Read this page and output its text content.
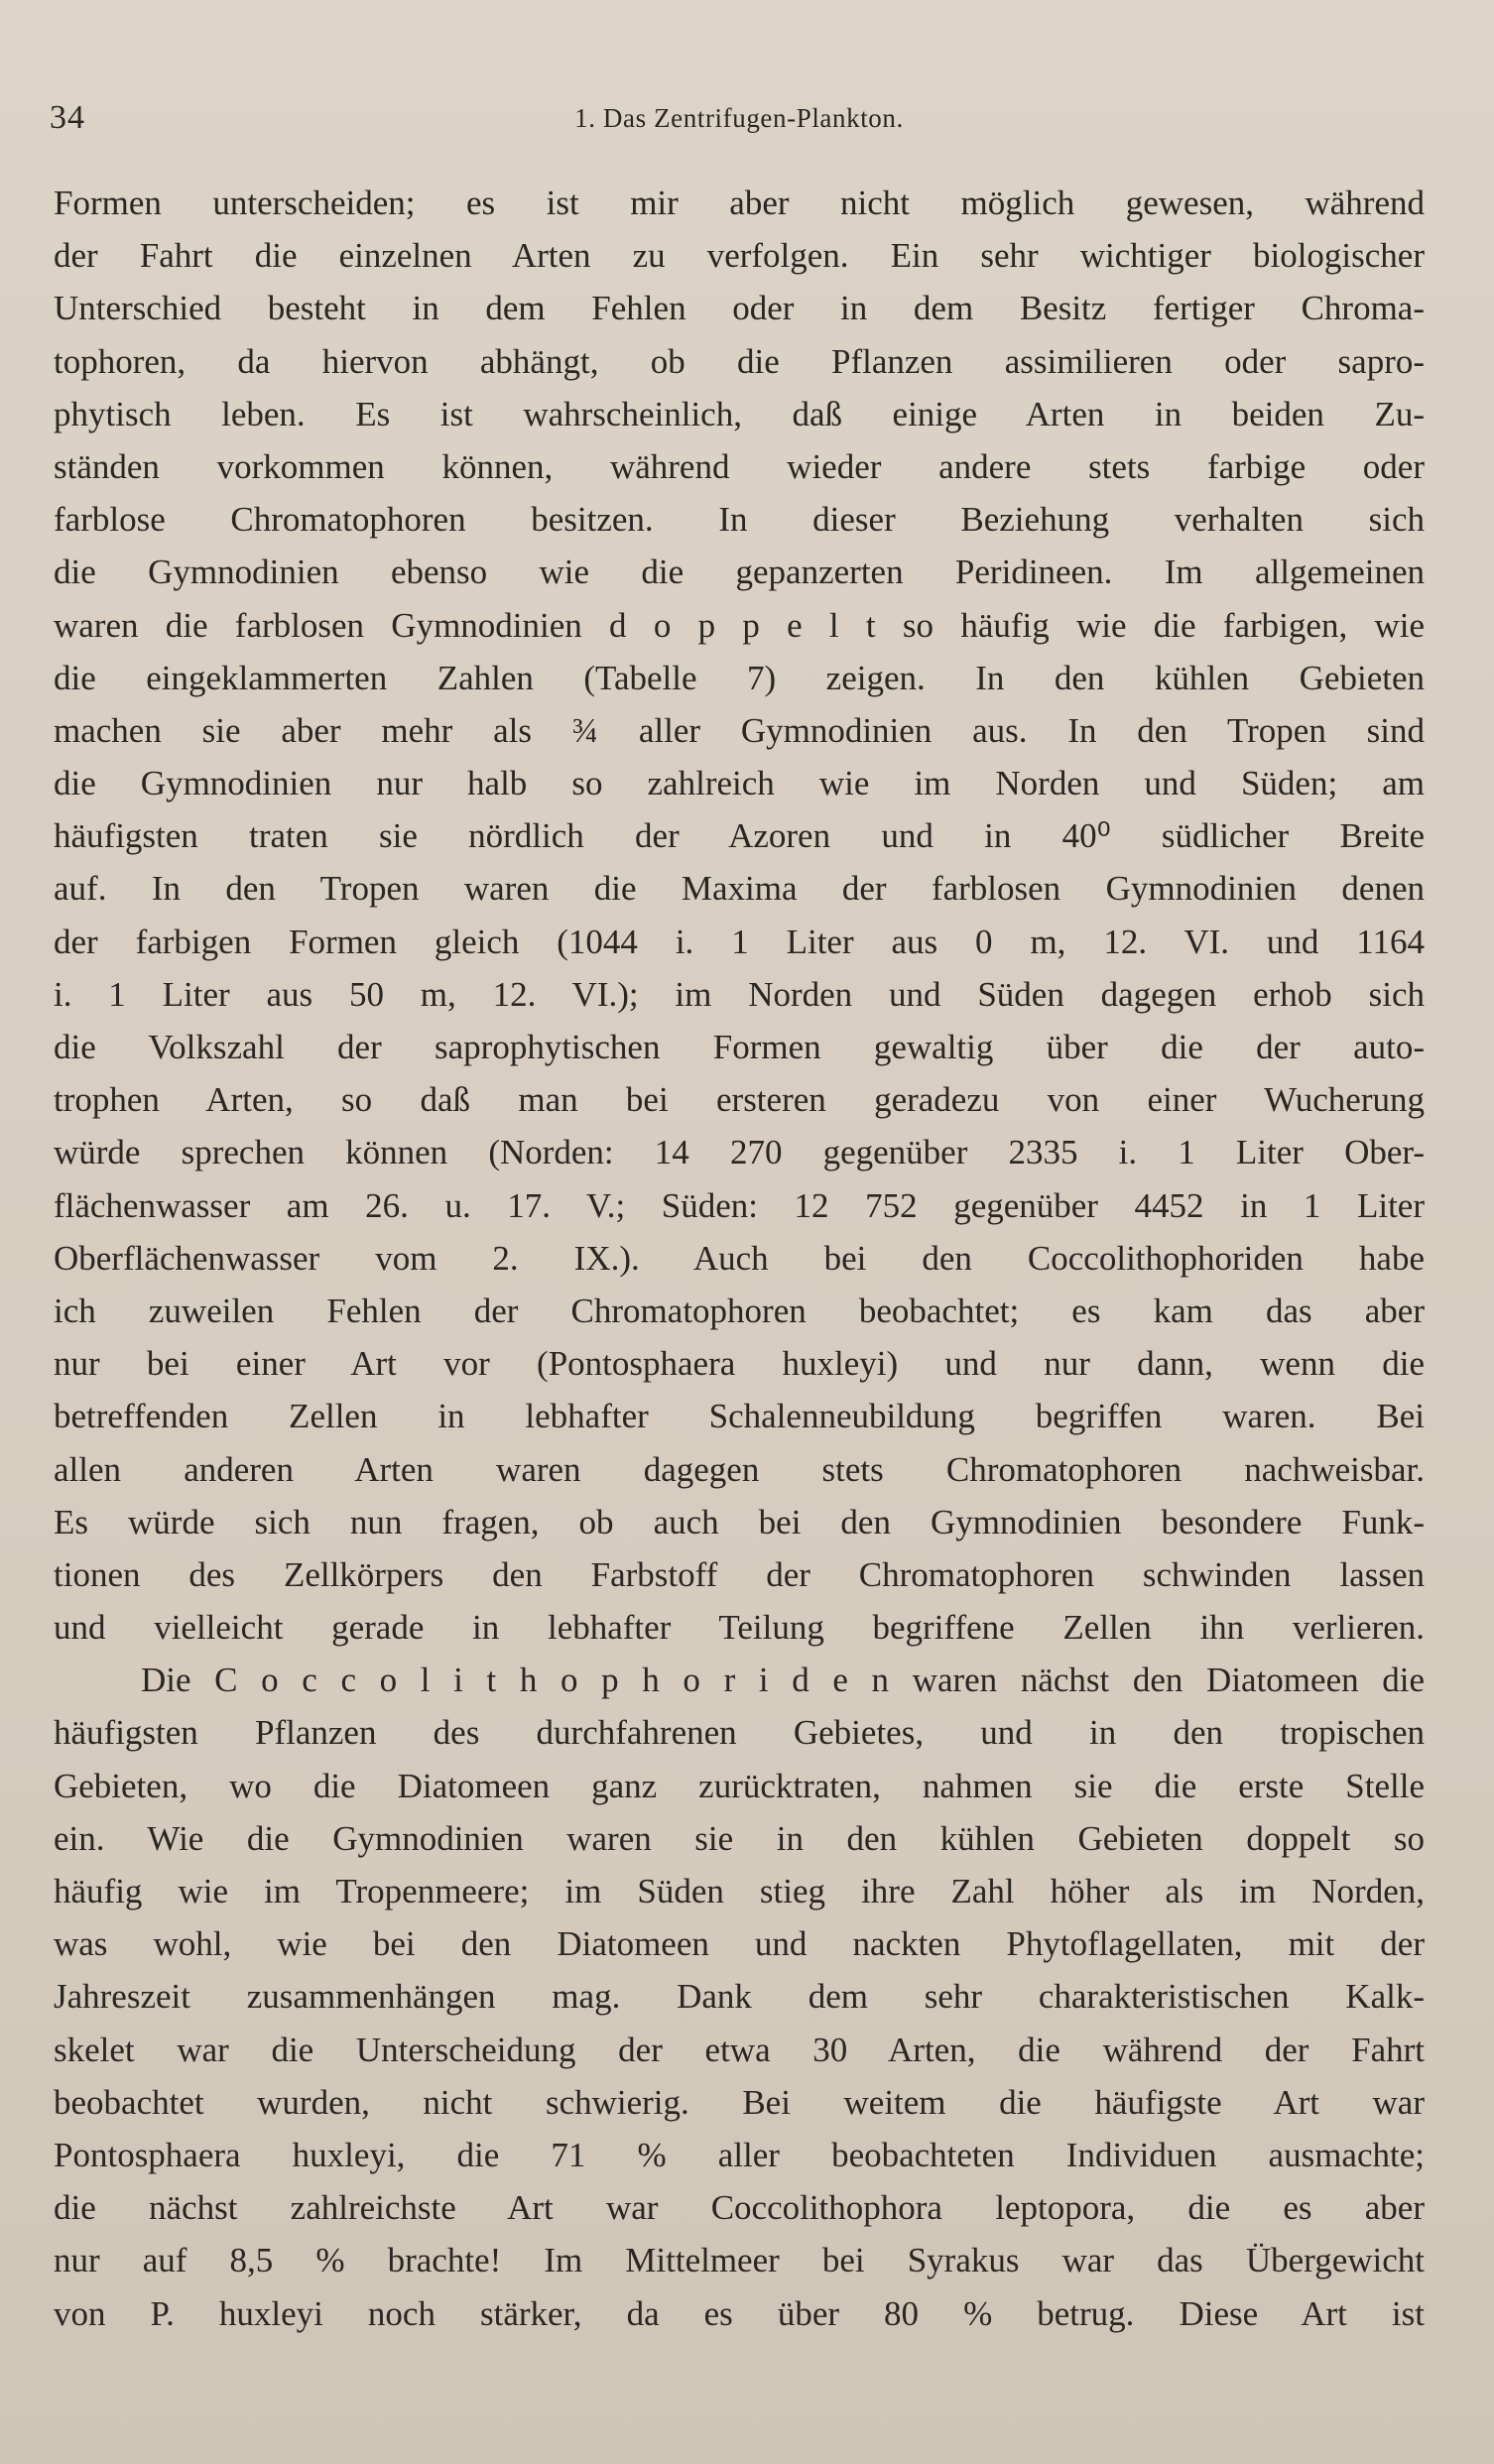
34	1. Das Zentrifugen-Plankton.
Formen unterscheiden; es ist mir aber nicht möglich gewesen, während
der Fahrt die einzelnen Arten zu verfolgen. Ein sehr wichtiger biologischer
Unterschied besteht in dem Fehlen oder in dem Besitz fertiger Chroma-
tophoren, da hiervon abhängt, ob die Pflanzen assimilieren oder sapro-
phytisch leben. Es ist wahrscheinlich, daß einige Arten in beiden Zu-
ständen vorkommen können, während wieder andere stets farbige oder
farblose Chromatophoren besitzen. In dieser Beziehung verhalten sich
die Gymnodinien ebenso wie die gepanzerten Peridineen. Im allgemeinen
waren die farblosen Gymnodinien d o p p e l t so häufig wie die farbigen, wie
die eingeklammerten Zahlen (Tabelle 7) zeigen. In den kühlen Gebieten
machen sie aber mehr als ¾ aller Gymnodinien aus. In den Tropen sind
die Gymnodinien nur halb so zahlreich wie im Norden und Süden; am
häufigsten traten sie nördlich der Azoren und in 40⁰ südlicher Breite
auf. In den Tropen waren die Maxima der farblosen Gymnodinien denen
der farbigen Formen gleich (1044 i. 1 Liter aus 0 m, 12. VI. und 1164
i. 1 Liter aus 50 m, 12. VI.); im Norden und Süden dagegen erhob sich
die Volkszahl der saprophytischen Formen gewaltig über die der auto-
trophen Arten, so daß man bei ersteren geradezu von einer Wucherung
würde sprechen können (Norden: 14 270 gegenüber 2335 i. 1 Liter Ober-
flächenwasser am 26. u. 17. V.; Süden: 12 752 gegenüber 4452 in 1 Liter
Oberflächenwasser vom 2. IX.). Auch bei den Coccolithophoriden habe
ich zuweilen Fehlen der Chromatophoren beobachtet; es kam das aber
nur bei einer Art vor (Pontosphaera huxleyi) und nur dann, wenn die
betreffenden Zellen in lebhafter Schalenneubildung begriffen waren. Bei
allen anderen Arten waren dagegen stets Chromatophoren nachweisbar.
Es würde sich nun fragen, ob auch bei den Gymnodinien besondere Funk-
tionen des Zellkörpers den Farbstoff der Chromatophoren schwinden lassen
und vielleicht gerade in lebhafter Teilung begriffene Zellen ihn verlieren.
Die C o c c o l i t h o p h o r i d e n waren nächst den Diatomeen die
häufigsten Pflanzen des durchfahrenen Gebietes, und in den tropischen
Gebieten, wo die Diatomeen ganz zurücktraten, nahmen sie die erste Stelle
ein. Wie die Gymnodinien waren sie in den kühlen Gebieten doppelt so
häufig wie im Tropenmeere; im Süden stieg ihre Zahl höher als im Norden,
was wohl, wie bei den Diatomeen und nackten Phytoflagellaten, mit der
Jahreszeit zusammenhängen mag. Dank dem sehr charakteristischen Kalk-
skelet war die Unterscheidung der etwa 30 Arten, die während der Fahrt
beobachtet wurden, nicht schwierig. Bei weitem die häufigste Art war
Pontosphaera huxleyi, die 71 % aller beobachteten Individuen ausmachte;
die nächst zahlreichste Art war Coccolithophora leptopora, die es aber
nur auf 8,5 % brachte! Im Mittelmeer bei Syrakus war das Übergewicht
von P. huxleyi noch stärker, da es über 80 % betrug. Diese Art ist
